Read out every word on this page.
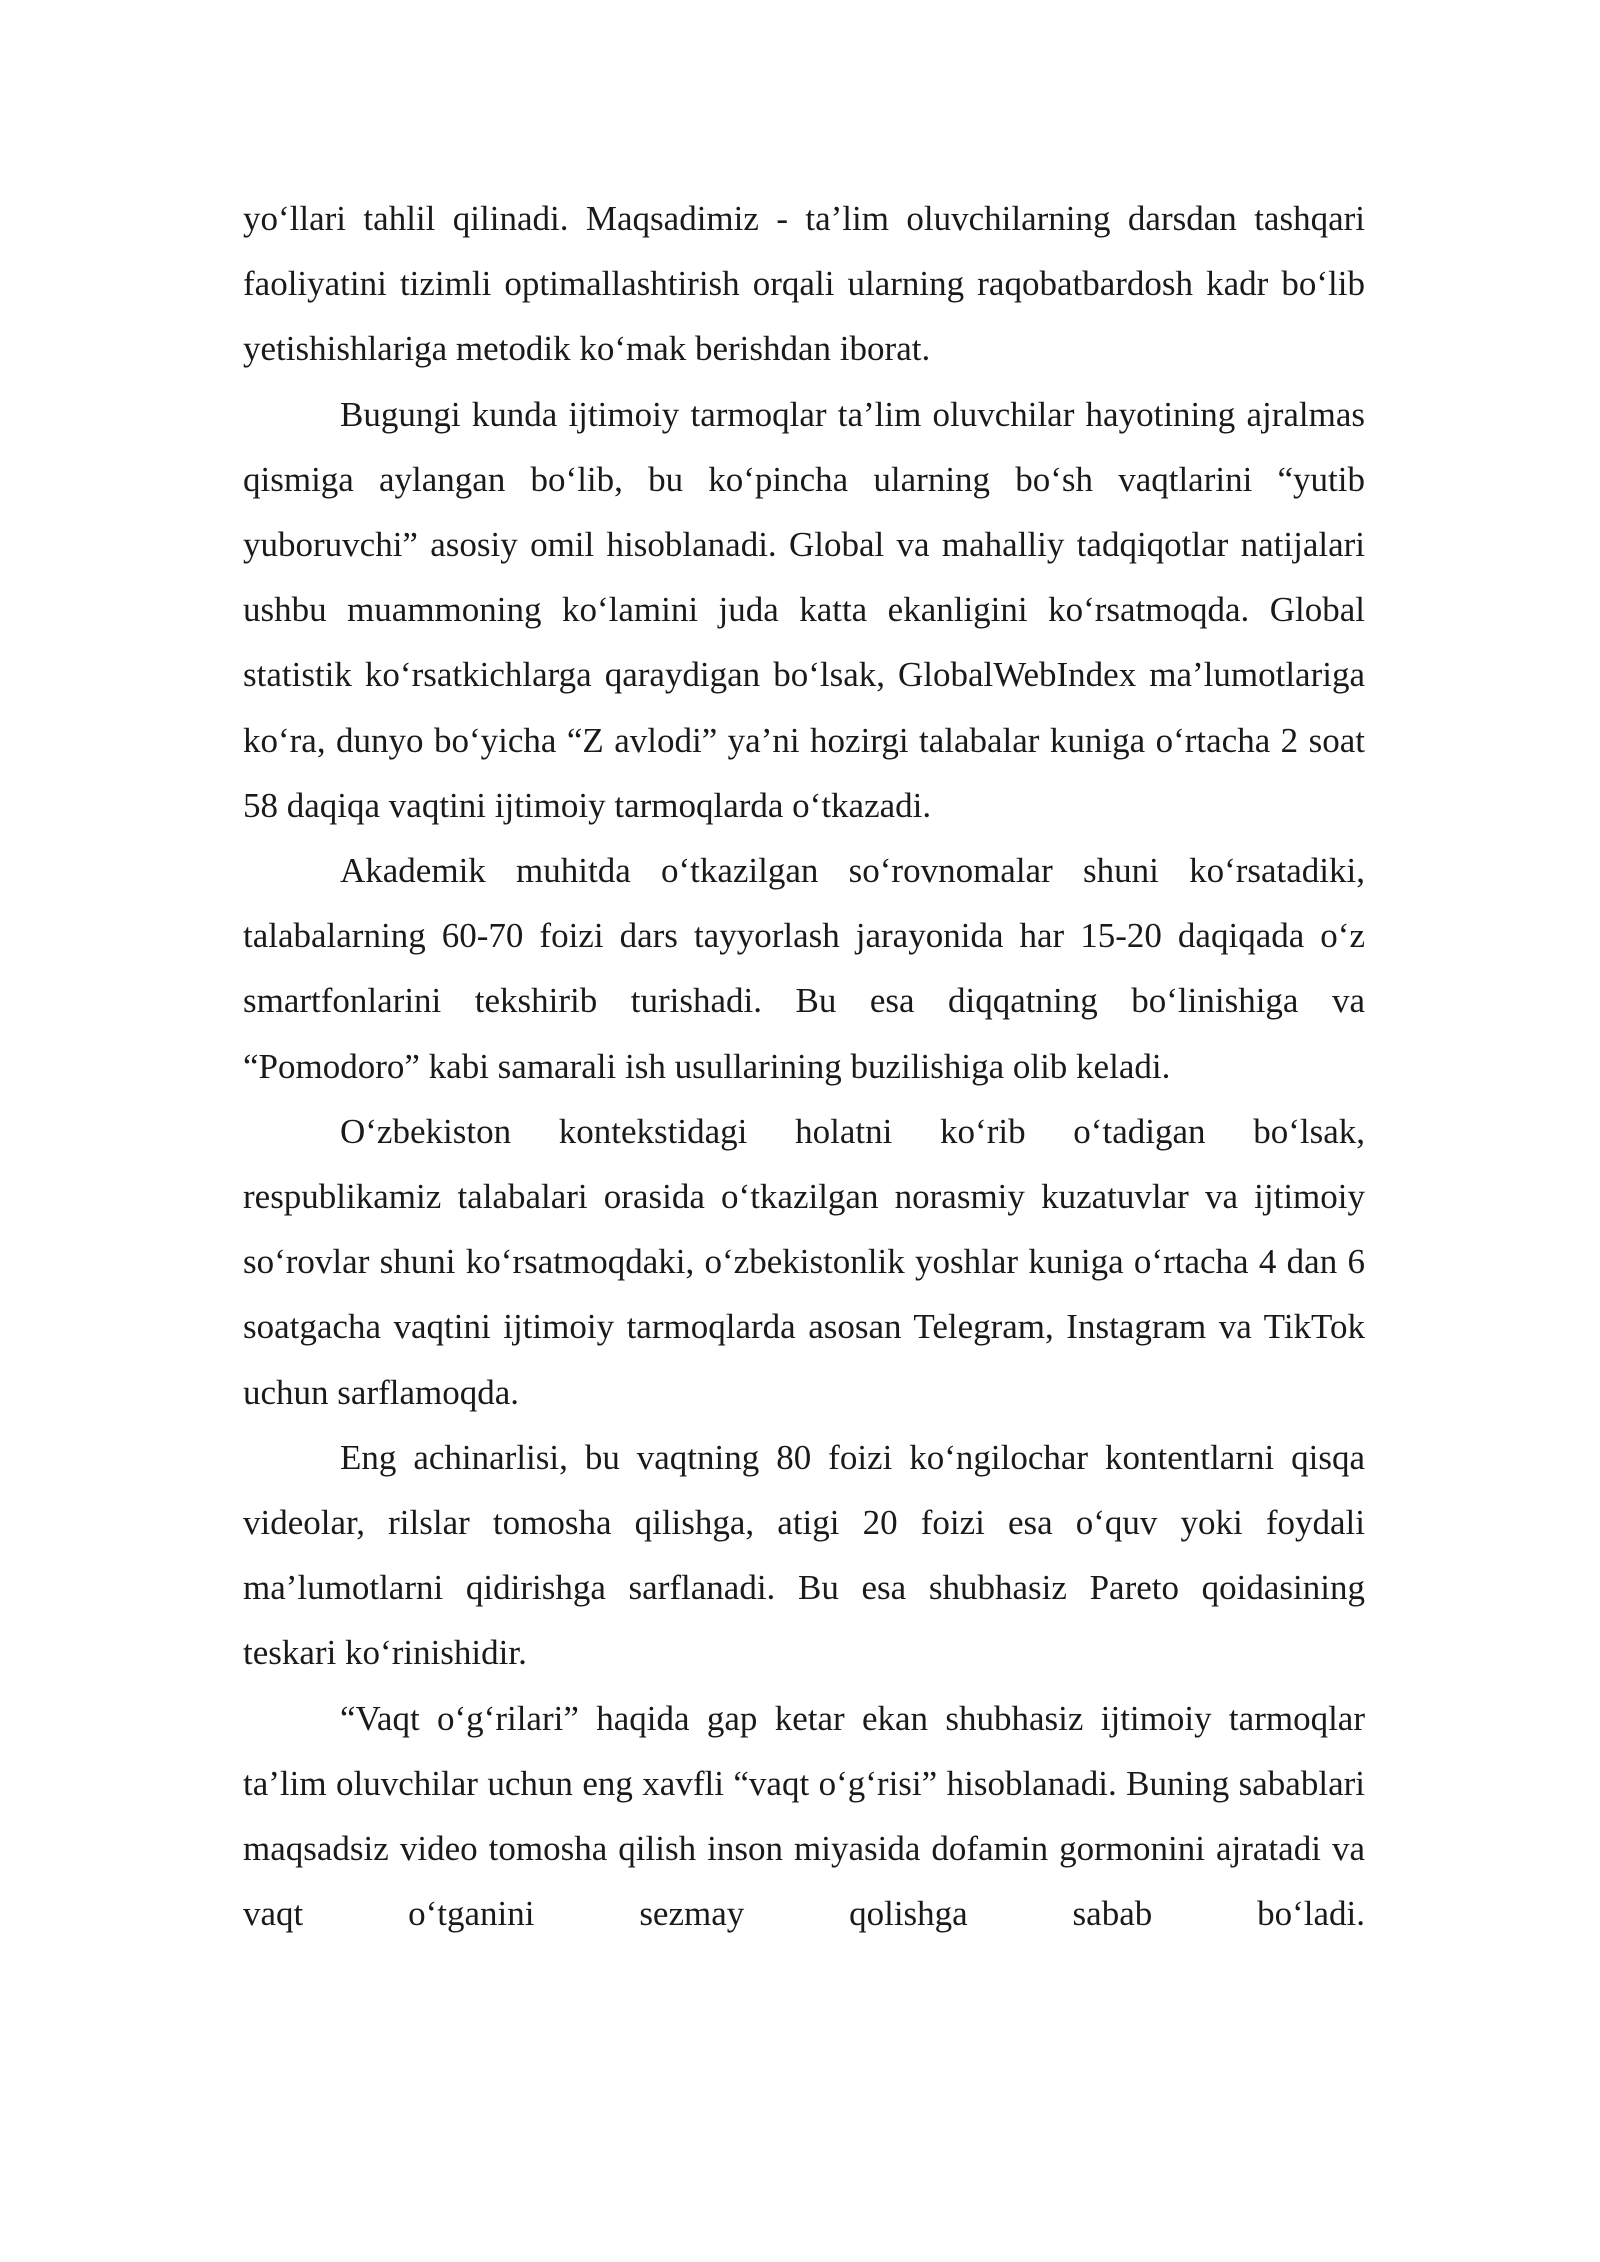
yo‘llari tahlil qilinadi. Maqsadimiz - ta’lim oluvchilarning darsdan tashqari faoliyatini tizimli optimallashtirish orqali ularning raqobatbardosh kadr bo‘lib yetishishlariga metodik ko‘mak berishdan iborat.

Bugungi kunda ijtimoiy tarmoqlar ta’lim oluvchilar hayotining ajralmas qismiga aylangan bo‘lib, bu ko‘pincha ularning bo‘sh vaqtlarini “yutib yuboruvchi” asosiy omil hisoblanadi. Global va mahalliy tadqiqotlar natijalari ushbu muammoning ko‘lamini juda katta ekanligini ko‘rsatmoqda. Global statistik ko‘rsatkichlarga qaraydigan bo‘lsak, GlobalWebIndex ma’lumotlariga ko‘ra, dunyo bo‘yicha “Z avlodi” ya’ni hozirgi talabalar kuniga o‘rtacha 2 soat 58 daqiqa vaqtini ijtimoiy tarmoqlarda o‘tkazadi.

Akademik muhitda o‘tkazilgan so‘rovnomalar shuni ko‘rsatadiki, talabalarning 60-70 foizi dars tayyorlash jarayonida har 15-20 daqiqada o‘z smartfonlarini tekshirib turishadi. Bu esa diqqatning bo‘linishiga va “Pomodoro” kabi samarali ish usullarining buzilishiga olib keladi.

O‘zbekiston kontekstidagi holatni ko‘rib o‘tadigan bo‘lsak, respublikamiz talabalari orasida o‘tkazilgan norasmiy kuzatuvlar va ijtimoiy so‘rovlar shuni ko‘rsatmoqdaki, o‘zbekistonlik yoshlar kuniga o‘rtacha 4 dan 6 soatgacha vaqtini ijtimoiy tarmoqlarda asosan Telegram, Instagram va TikTok uchun sarflamoqda.

Eng achinarlisi, bu vaqtning 80 foizi ko‘ngilochar kontentlarni qisqa videolar, rilslar tomosha qilishga, atigi 20 foizi esa o‘quv yoki foydali ma’lumotlarni qidirishga sarflanadi. Bu esa shubhasiz Pareto qoidasining teskari ko‘rinishidir.

“Vaqt o‘g‘rilari” haqida gap ketar ekan shubhasiz ijtimoiy tarmoqlar ta’lim oluvchilar uchun eng xavfli “vaqt o‘g‘risi” hisoblanadi. Buning sabablari maqsadsiz video tomosha qilish inson miyasida dofamin gormonini ajratadi va vaqt o‘tganini sezmay qolishga sabab bo‘ladi.
